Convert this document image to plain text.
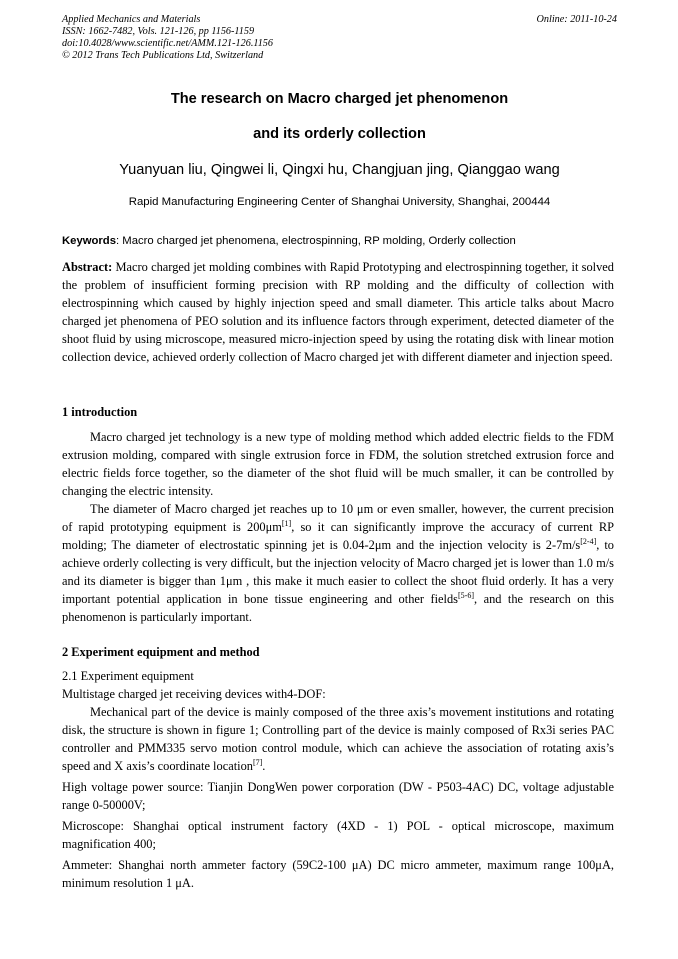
Applied Mechanics and Materials
ISSN: 1662-7482, Vols. 121-126, pp 1156-1159
doi:10.4028/www.scientific.net/AMM.121-126.1156
© 2012 Trans Tech Publications Ltd, Switzerland
Online: 2011-10-24
The research on Macro charged jet phenomenon
and its orderly collection
Yuanyuan liu, Qingwei li, Qingxi hu, Changjuan jing, Qianggao wang
Rapid Manufacturing Engineering Center of Shanghai University, Shanghai, 200444
Keywords: Macro charged jet phenomena, electrospinning, RP molding, Orderly collection

Abstract: Macro charged jet molding combines with Rapid Prototyping and electrospinning together, it solved the problem of insufficient forming precision with RP molding and the difficulty of collection with electrospinning which caused by highly injection speed and small diameter. This article talks about Macro charged jet phenomena of PEO solution and its influence factors through experiment, detected diameter of the shoot fluid by using microscope, measured micro-injection speed by using the rotating disk with linear motion collection device, achieved orderly collection of Macro charged jet with different diameter and injection speed.

1 introduction

Macro charged jet technology is a new type of molding method which added electric fields to the FDM extrusion molding, compared with single extrusion force in FDM, the solution stretched extrusion force and electric fields force together, so the diameter of the shot fluid will be much smaller, it can be controlled by changing the electric intensity.

The diameter of Macro charged jet reaches up to 10 μm or even smaller, however, the current precision of rapid prototyping equipment is 200μm[1], so it can significantly improve the accuracy of current RP molding; The diameter of electrostatic spinning jet is 0.04-2μm and the injection velocity is 2-7m/s[2-4], to achieve orderly collecting is very difficult, but the injection velocity of Macro charged jet is lower than 1.0 m/s and its diameter is bigger than 1μm , this make it much easier to collect the shoot fluid orderly. It has a very important potential application in bone tissue engineering and other fields[5-6], and the research on this phenomenon is particularly important.

2 Experiment equipment and method

2.1 Experiment equipment

Multistage charged jet receiving devices with4-DOF:

Mechanical part of the device is mainly composed of the three axis’s movement institutions and rotating disk, the structure is shown in figure 1; Controlling part of the device is mainly composed of Rx3i series PAC controller and PMM335 servo motion control module, which can achieve the association of rotating axis’s speed and X axis’s coordinate location[7].

High voltage power source: Tianjin DongWen power corporation (DW - P503-4AC) DC, voltage adjustable range 0-50000V;

Microscope: Shanghai optical instrument factory (4XD - 1) POL - optical microscope, maximum magnification 400;

Ammeter: Shanghai north ammeter factory (59C2-100 μA) DC micro ammeter, maximum range 100μA, minimum resolution 1 μA.
